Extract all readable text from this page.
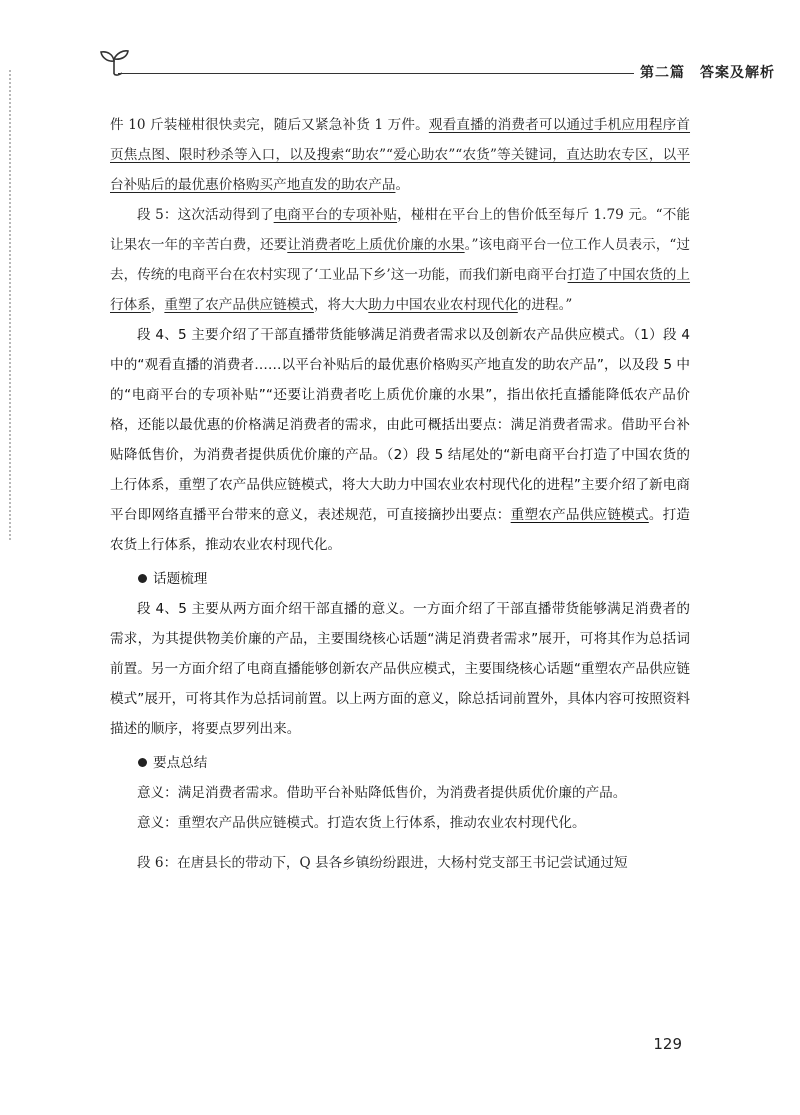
第二篇　答案及解析

件 10 斤装椪柑很快卖完，随后又紧急补货 1 万件。观看直播的消费者可以通过手机应用程序首页焦点图、限时秒杀等入口，以及搜索“助农”“爱心助农”“农货”等关键词，直达助农专区，以平台补贴后的最优惠价格购买产地直发的助农产品。

段 5：这次活动得到了电商平台的专项补贴，椪柑在平台上的售价低至每斤 1.79 元。“不能让果农一年的辛苦白费，还要让消费者吃上质优价廉的水果。”该电商平台一位工作人员表示，“过去，传统的电商平台在农村实现了‘工业品下乡’这一功能，而我们新电商平台打造了中国农货的上行体系，重塑了农产品供应链模式，将大大助力中国农业农村现代化的进程。”

段 4、5 主要介绍了干部直播带货能够满足消费者需求以及创新农产品供应模式。（1）段 4 中的“观看直播的消费者……以平台补贴后的最优惠价格购买产地直发的助农产品”，以及段 5 中的“电商平台的专项补贴”“还要让消费者吃上质优价廉的水果”，指出依托直播能降低农产品价格，还能以最优惠的价格满足消费者的需求，由此可概括出要点：满足消费者需求。借助平台补贴降低售价，为消费者提供质优价廉的产品。（2）段 5 结尾处的“新电商平台打造了中国农货的上行体系，重塑了农产品供应链模式，将大大助力中国农业农村现代化的进程”主要介绍了新电商平台即网络直播平台带来的意义，表述规范，可直接摘抄出要点：重塑农产品供应链模式。打造农货上行体系，推动农业农村现代化。

话题梳理

段 4、5 主要从两方面介绍干部直播的意义。一方面介绍了干部直播带货能够满足消费者的需求，为其提供物美价廉的产品，主要围绕核心话题“满足消费者需求”展开，可将其作为总括词前置。另一方面介绍了电商直播能够创新农产品供应模式，主要围绕核心话题“重塑农产品供应链模式”展开，可将其作为总括词前置。以上两方面的意义，除总括词前置外，具体内容可按照资料描述的顺序，将要点罗列出来。

要点总结

意义：满足消费者需求。借助平台补贴降低售价，为消费者提供质优价廉的产品。

意义：重塑农产品供应链模式。打造农货上行体系，推动农业农村现代化。

段 6：在唐县长的带动下，Q 县各乡镇纷纷跟进，大杨村党支部王书记尝试通过短

129
